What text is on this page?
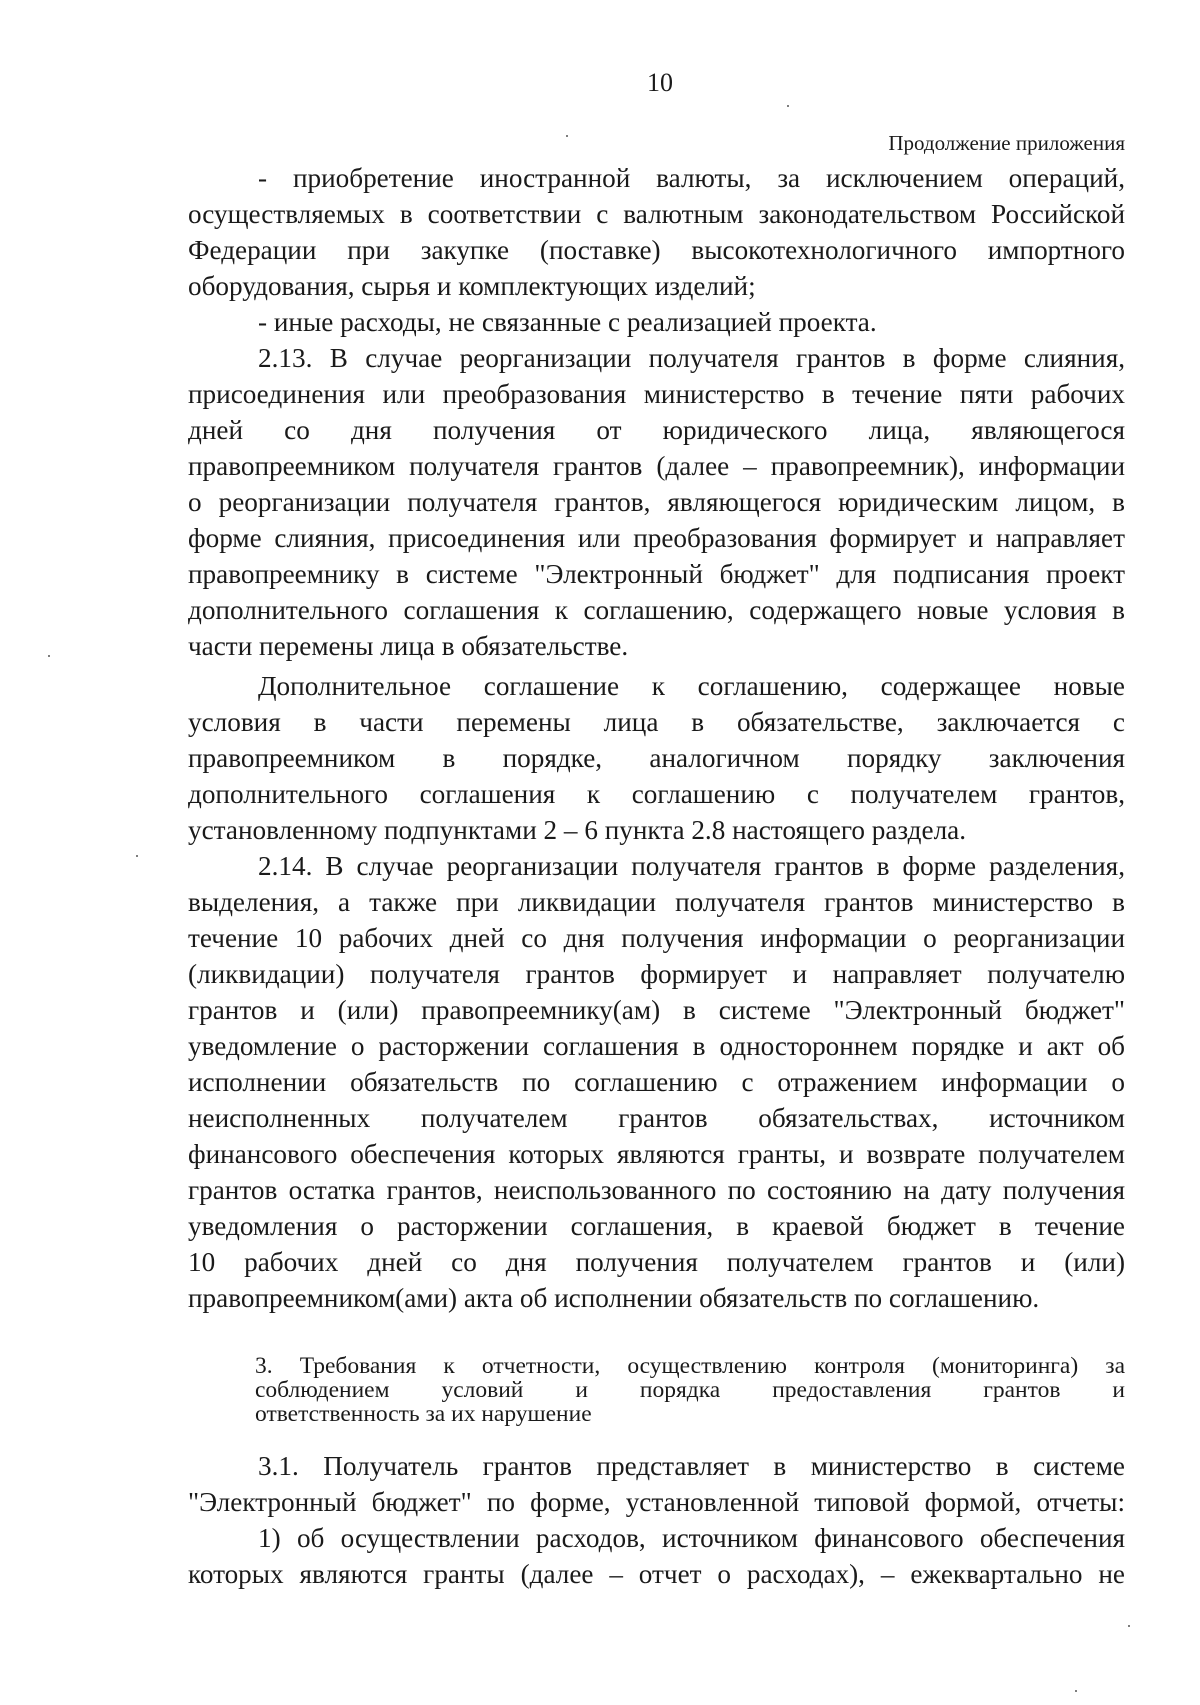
10
Продолжение приложения
- приобретение иностранной валюты, за исключением операций,
осуществляемых в соответствии с валютным законодательством Российской
Федерации при закупке (поставке) высокотехнологичного импортного
оборудования, сырья и комплектующих изделий;
- иные расходы, не связанные с реализацией проекта.
2.13. В случае реорганизации получателя грантов в форме слияния,
присоединения или преобразования министерство в течение пяти рабочих
дней со дня получения от юридического лица, являющегося
правопреемником получателя грантов (далее – правопреемник), информации
о реорганизации получателя грантов, являющегося юридическим лицом, в
форме слияния, присоединения или преобразования формирует и направляет
правопреемнику в системе "Электронный бюджет" для подписания проект
дополнительного соглашения к соглашению, содержащего новые условия в
части перемены лица в обязательстве.
Дополнительное соглашение к соглашению, содержащее новые
условия в части перемены лица в обязательстве, заключается с
правопреемником в порядке, аналогичном порядку заключения
дополнительного соглашения к соглашению с получателем грантов,
установленному подпунктами 2 – 6 пункта 2.8 настоящего раздела.
2.14. В случае реорганизации получателя грантов в форме разделения,
выделения, а также при ликвидации получателя грантов министерство в
течение 10 рабочих дней со дня получения информации о реорганизации
(ликвидации) получателя грантов формирует и направляет получателю
грантов и (или) правопреемнику(ам) в системе "Электронный бюджет"
уведомление о расторжении соглашения в одностороннем порядке и акт об
исполнении обязательств по соглашению с отражением информации о
неисполненных получателем грантов обязательствах, источником
финансового обеспечения которых являются гранты, и возврате получателем
грантов остатка грантов, неиспользованного по состоянию на дату получения
уведомления о расторжении соглашения, в краевой бюджет в течение
10 рабочих дней со дня получения получателем грантов и (или)
правопреемником(ами) акта об исполнении обязательств по соглашению.
3. Требования к отчетности, осуществлению контроля (мониторинга) за
соблюдением условий и порядка предоставления грантов и
ответственность за их нарушение
3.1. Получатель грантов представляет в министерство в системе
"Электронный бюджет" по форме, установленной типовой формой, отчеты:
1) об осуществлении расходов, источником финансового обеспечения
которых являются гранты (далее – отчет о расходах), – ежеквартально не
